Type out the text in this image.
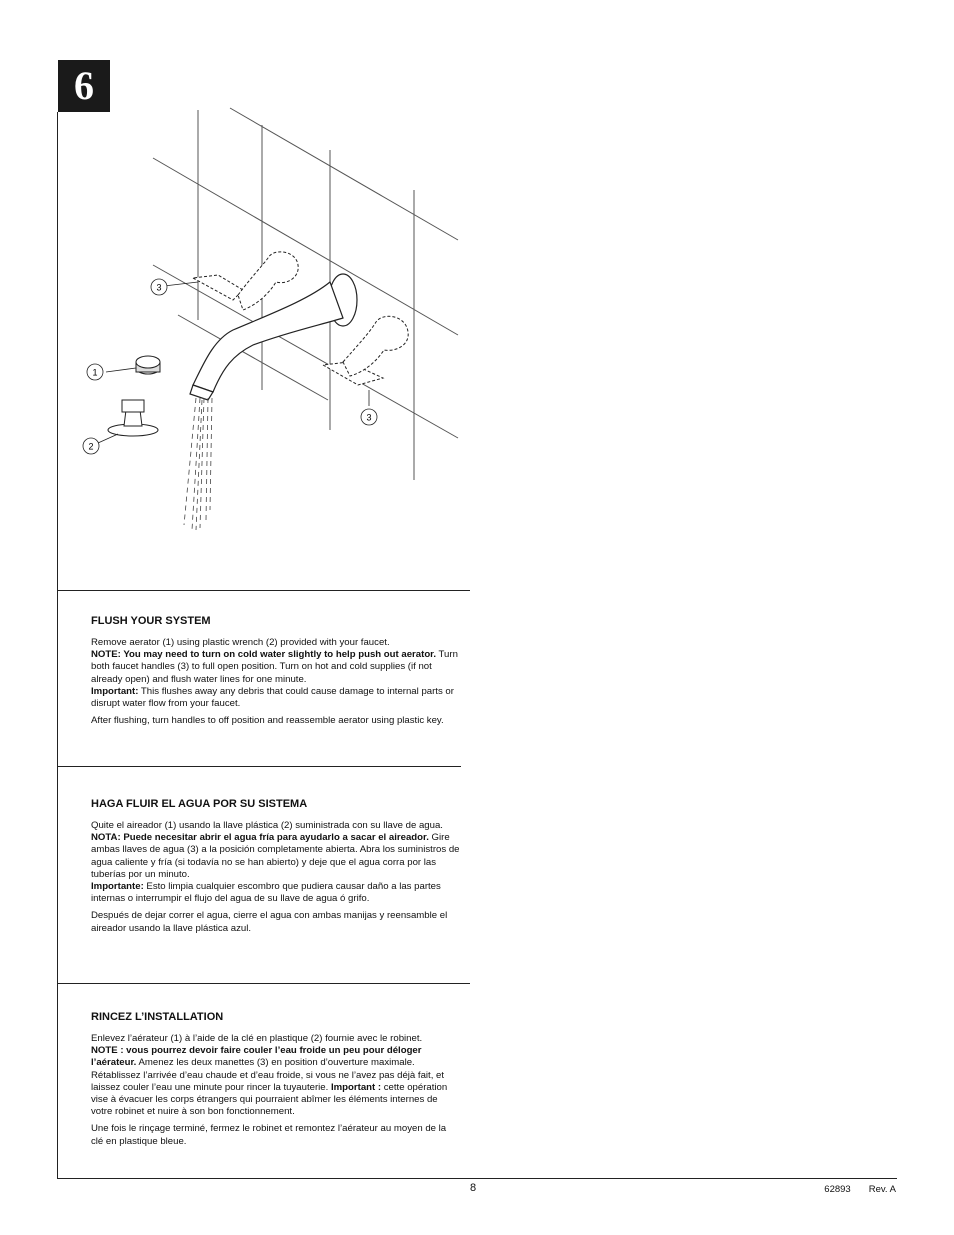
6
3
1
2
3
FLUSH YOUR SYSTEM

Remove aerator (1) using plastic wrench (2) provided with your faucet.
NOTE: You may need to turn on cold water slightly to help push out aerator. Turn both faucet handles (3) to full open position. Turn on hot and cold supplies (if not already open) and flush water lines for one minute.
Important: This flushes away any debris that could cause damage to internal parts or disrupt water flow from your faucet.

After flushing, turn handles to off position and reassemble aerator using plastic key.

HAGA FLUIR EL AGUA POR SU SISTEMA

Quite el aireador (1) usando la llave plástica (2) suministrada con su llave de agua. NOTA: Puede necesitar abrir el agua fría para ayudarlo a sacar el aireador. Gire ambas llaves de agua (3) a la posición completamente abierta. Abra los suministros de agua caliente y fría (si todavía no se han abierto) y deje que el agua corra por las tuberías por un minuto.
Importante: Esto limpia cualquier escombro que pudiera causar daño a las partes internas o interrumpir el flujo del agua de su llave de agua ó grifo.

Después de dejar correr el agua, cierre el agua con ambas manijas y reensamble el aireador usando la llave plástica azul.

RINCEZ L’INSTALLATION

Enlevez l’aérateur (1) à l’aide de la clé en plastique (2) fournie avec le robinet.
NOTE : vous pourrez devoir faire couler l’eau froide un peu pour déloger l’aérateur. Amenez les deux manettes (3) en position d’ouverture maximale. Rétablissez l’arrivée d’eau chaude et d’eau froide, si vous ne l’avez pas déjà fait, et laissez couler l’eau une minute pour rincer la tuyauterie. Important : cette opération vise à évacuer les corps étrangers qui pourraient abîmer les éléments internes de votre robinet et nuire à son bon fonctionnement.

Une fois le rinçage terminé, fermez le robinet et remontez l’aérateur au moyen de la clé en plastique bleue.

8	62893 Rev. A
